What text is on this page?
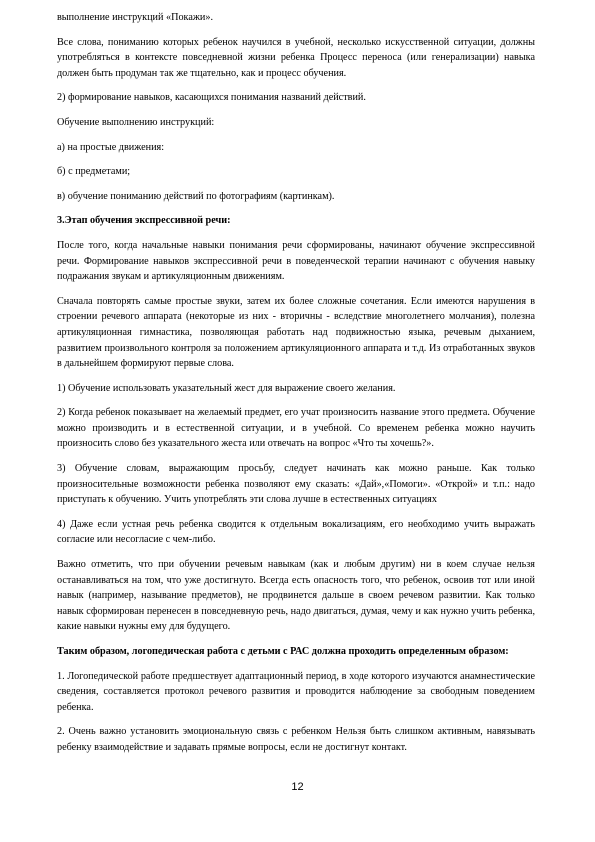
выполнение инструкций «Покажи».

Все слова, пониманию которых ребенок научился в учебной, несколько искусственной ситуации, должны употребляться в контексте повседневной жизни ребенка Процесс переноса (или генерализации) навыка должен быть продуман так же тщательно, как и процесс обучения.

2) формирование навыков, касающихся понимания названий действий.

Обучение выполнению инструкций:

а) на простые движения:

б) с предметами;

в) обучение пониманию действий по фотографиям (картинкам).

3.Этап обучения экспрессивной речи:

После того, когда начальные навыки понимания речи сформированы, начинают обучение экспрессивной речи. Формирование навыков экспрессивной речи в поведенческой терапии начинают с обучения навыку подражания звукам и артикуляционным движениям.

Сначала повторять самые простые звуки, затем их более сложные сочетания. Если имеются нарушения в строении речевого аппарата (некоторые из них - вторичны - вследствие многолетнего молчания), полезна артикуляционная гимнастика, позволяющая работать над подвижностью языка, речевым дыханием, развитием произвольного контроля за положением артикуляционного аппарата и т.д. Из отработанных звуков в дальнейшем формируют первые слова.

1) Обучение использовать указательный жест для выражение своего желания.

2) Когда ребенок показывает на желаемый предмет, его учат произносить название этого предмета. Обучение можно производить и в естественной ситуации, и в учебной. Со временем ребенка можно научить произносить слово без указательного жеста или отвечать на вопрос «Что ты хочешь?».

3) Обучение словам, выражающим просьбу, следует начинать как можно раньше. Как только произносительные возможности ребенка позволяют ему сказать: «Дай»,«Помоги». «Открой» и т.п.: надо приступать к обучению. Учить употреблять эти слова лучше в естественных ситуациях

4) Даже если устная речь ребенка сводится к отдельным вокализациям, его необходимо учить выражать согласие или несогласие с чем-либо.

Важно отметить, что при обучении речевым навыкам (как и любым другим) ни в коем случае нельзя останавливаться на том, что уже достигнуто. Всегда есть опасность того, что ребенок, освоив тот или иной навык (например, называние предметов), не продвинется дальше в своем речевом развитии. Как только навык сформирован перенесен в повседневную речь, надо двигаться, думая, чему и как нужно учить ребенка, какие навыки нужны ему для будущего.

Таким образом, логопедическая работа с детьми с РАС должна проходить определенным образом:

1. Логопедической работе предшествует адаптационный период, в ходе которого изучаются анамнестические сведения, составляется протокол речевого развития и проводится наблюдение за свободным поведением ребенка.

2. Очень важно установить эмоциональную связь с ребенком Нельзя быть слишком активным, навязывать ребенку взаимодействие и задавать прямые вопросы, если не достигнут контакт.

12
